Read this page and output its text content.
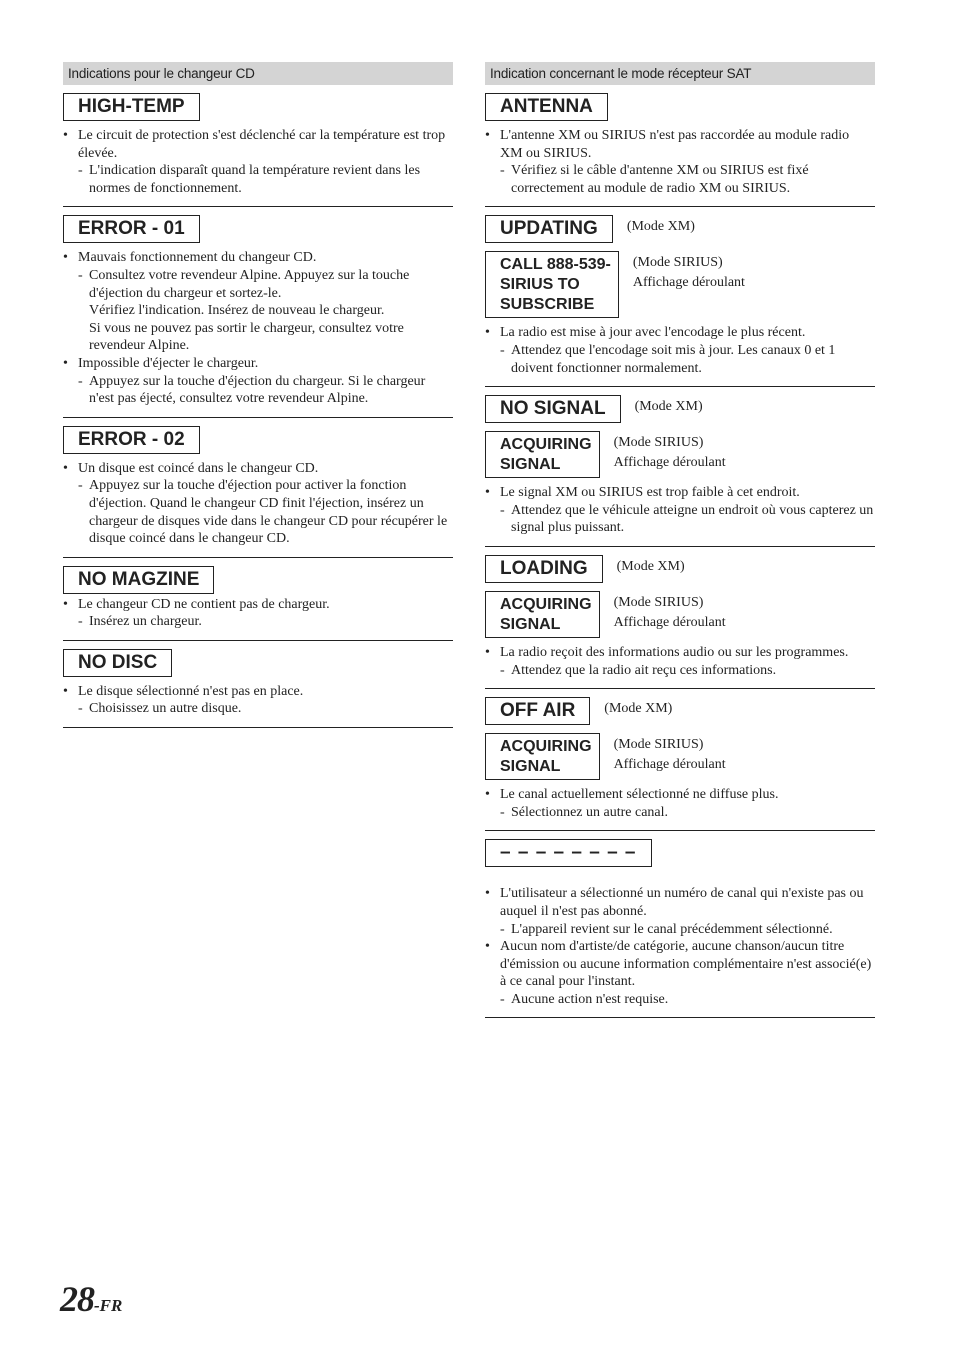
Indications pour le changeur CD
HIGH-TEMP
• Le circuit de protection s'est déclenché car la température est trop élevée.
- L'indication disparaît quand la température revient dans les normes de fonctionnement.
ERROR - 01
• Mauvais fonctionnement du changeur CD.
- Consultez votre revendeur Alpine. Appuyez sur la touche d'éjection du chargeur et sortez-le.
Vérifiez l'indication. Insérez de nouveau le chargeur.
Si vous ne pouvez pas sortir le chargeur, consultez votre revendeur Alpine.
• Impossible d'éjecter le chargeur.
- Appuyez sur la touche d'éjection du chargeur. Si le chargeur n'est pas éjecté, consultez votre revendeur Alpine.
ERROR - 02
• Un disque est coincé dans le changeur CD.
- Appuyez sur la touche d'éjection pour activer la fonction d'éjection. Quand le changeur CD finit l'éjection, insérez un chargeur de disques vide dans le changeur CD pour récupérer le disque coincé dans le changeur CD.
NO MAGZINE
• Le changeur CD ne contient pas de chargeur.
- Insérez un chargeur.
NO DISC
• Le disque sélectionné n'est pas en place.
- Choisissez un autre disque.
Indication concernant le mode récepteur SAT
ANTENNA
• L'antenne XM ou SIRIUS n'est pas raccordée au module radio XM ou SIRIUS.
- Vérifiez si le câble d'antenne XM ou SIRIUS est fixé correctement au module de radio XM ou SIRIUS.
UPDATING	(Mode XM)
CALL 888-539-
SIRIUS TO
SUBSCRIBE
(Mode SIRIUS)
Affichage déroulant
• La radio est mise à jour avec l'encodage le plus récent.
- Attendez que l'encodage soit mis à jour. Les canaux 0 et 1 doivent fonctionner normalement.
NO SIGNAL	(Mode XM)
ACQUIRING
SIGNAL
(Mode SIRIUS)
Affichage déroulant
• Le signal XM ou SIRIUS est trop faible à cet endroit.
- Attendez que le véhicule atteigne un endroit où vous capterez un signal plus puissant.
LOADING	(Mode XM)
ACQUIRING
SIGNAL
(Mode SIRIUS)
Affichage déroulant
• La radio reçoit des informations audio ou sur les programmes.
- Attendez que la radio ait reçu ces informations.
OFF AIR	(Mode XM)
ACQUIRING
SIGNAL
(Mode SIRIUS)
Affichage déroulant
• Le canal actuellement sélectionné ne diffuse plus.
- Sélectionnez un autre canal.
– – – – – – – –
• L'utilisateur a sélectionné un numéro de canal qui n'existe pas ou auquel il n'est pas abonné.
- L'appareil revient sur le canal précédemment sélectionné.
• Aucun nom d'artiste/de catégorie, aucune chanson/aucun titre d'émission ou aucune information complémentaire n'est associé(e) à ce canal pour l'instant.
- Aucune action n'est requise.
28-FR
